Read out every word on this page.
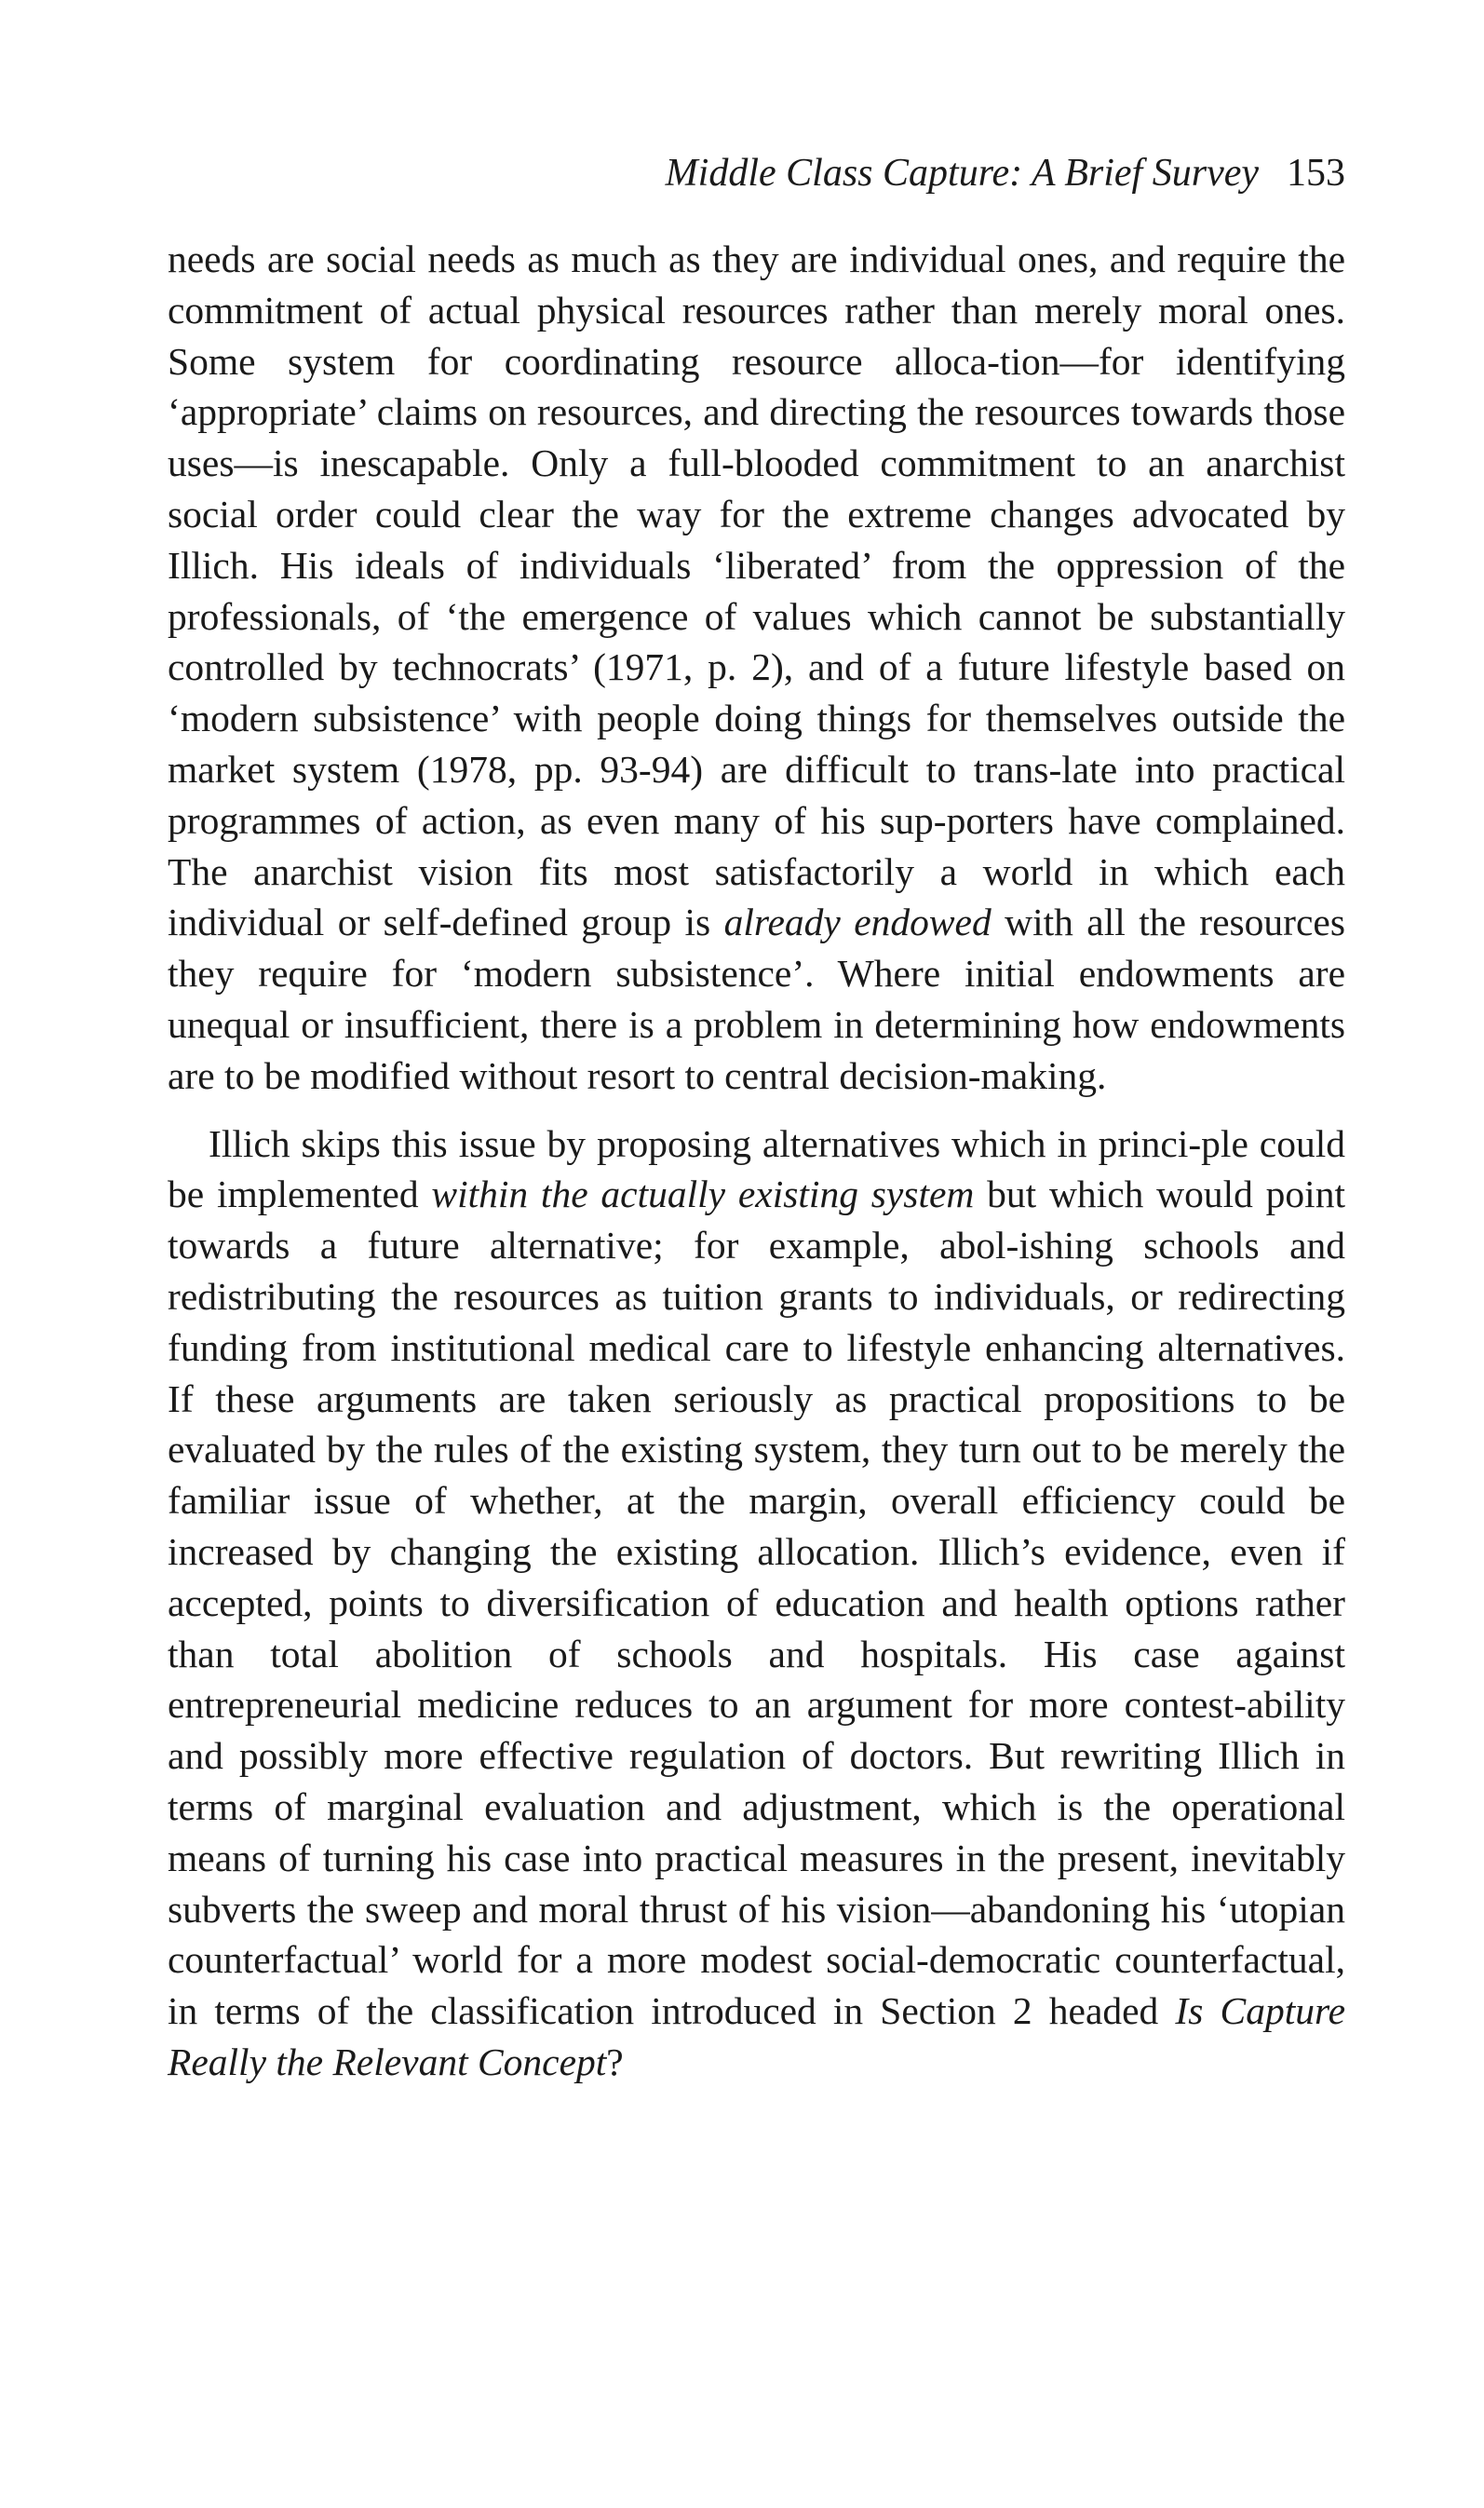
Middle Class Capture: A Brief Survey 153

needs are social needs as much as they are individual ones, and require the commitment of actual physical resources rather than merely moral ones. Some system for coordinating resource alloca-tion—for identifying ‘appropriate’ claims on resources, and directing the resources towards those uses—is inescapable. Only a full-blooded commitment to an anarchist social order could clear the way for the extreme changes advocated by Illich. His ideals of individuals ‘liberated’ from the oppression of the professionals, of ‘the emergence of values which cannot be substantially controlled by technocrats’ (1971, p. 2), and of a future lifestyle based on ‘modern subsistence’ with people doing things for themselves outside the market system (1978, pp. 93-94) are difficult to trans-late into practical programmes of action, as even many of his sup-porters have complained. The anarchist vision fits most satisfactorily a world in which each individual or self-defined group is already endowed with all the resources they require for ‘modern subsistence’. Where initial endowments are unequal or insufficient, there is a problem in determining how endowments are to be modified without resort to central decision-making.

Illich skips this issue by proposing alternatives which in princi-ple could be implemented within the actually existing system but which would point towards a future alternative; for example, abol-ishing schools and redistributing the resources as tuition grants to individuals, or redirecting funding from institutional medical care to lifestyle enhancing alternatives. If these arguments are taken seriously as practical propositions to be evaluated by the rules of the existing system, they turn out to be merely the familiar issue of whether, at the margin, overall efficiency could be increased by changing the existing allocation. Illich’s evidence, even if accepted, points to diversification of education and health options rather than total abolition of schools and hospitals. His case against entrepreneurial medicine reduces to an argument for more contest-ability and possibly more effective regulation of doctors. But rewriting Illich in terms of marginal evaluation and adjustment, which is the operational means of turning his case into practical measures in the present, inevitably subverts the sweep and moral thrust of his vision—abandoning his ‘utopian counterfactual’ world for a more modest social-democratic counterfactual, in terms of the classification introduced in Section 2 headed Is Capture Really the Relevant Concept?
